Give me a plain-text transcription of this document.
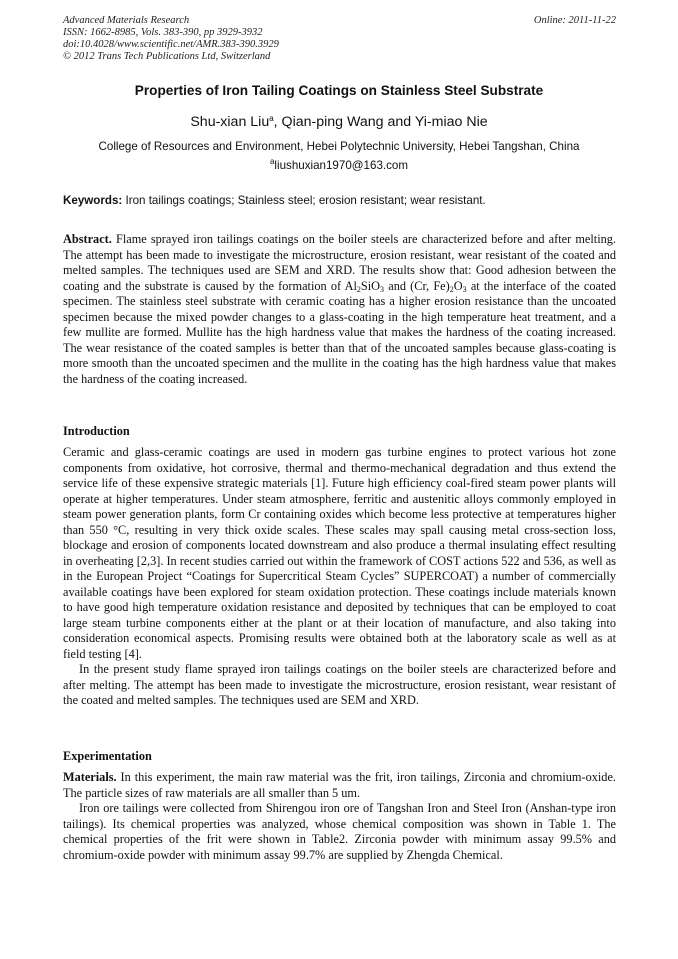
Advanced Materials Research
ISSN: 1662-8985, Vols. 383-390, pp 3929-3932
doi:10.4028/www.scientific.net/AMR.383-390.3929
© 2012 Trans Tech Publications Ltd, Switzerland
Online: 2011-11-22
Properties of Iron Tailing Coatings on Stainless Steel Substrate
Shu-xian Liu$^a$, Qian-ping Wang and Yi-miao Nie
College of Resources and Environment, Hebei Polytechnic University, Hebei Tangshan, China
$^a$liushuxian1970@163.com
Keywords: Iron tailings coatings; Stainless steel; erosion resistant; wear resistant.
Abstract. Flame sprayed iron tailings coatings on the boiler steels are characterized before and after melting. The attempt has been made to investigate the microstructure, erosion resistant, wear resistant of the coated and melted samples. The techniques used are SEM and XRD. The results show that: Good adhesion between the coating and the substrate is caused by the formation of $Al_2SiO_3$ and (Cr, $Fe)_2O_3$ at the interface of the coated specimen. The stainless steel substrate with ceramic coating has a higher erosion resistance than the uncoated specimen because the mixed powder changes to a glass-coating in the high temperature heat treatment, and a few mullite are formed. Mullite has the high hardness value that makes the hardness of the coating increased. The wear resistance of the coated samples is better than that of the uncoated samples because glass-coating is more smooth than the uncoated specimen and the mullite in the coating has the high hardness value that makes the hardness of the coating increased.
Introduction

Ceramic and glass-ceramic coatings are used in modern gas turbine engines to protect various hot zone components from oxidative, hot corrosive, thermal and thermo-mechanical degradation and thus extend the service life of these expensive strategic materials [1]. Future high efficiency coal-fired steam power plants will operate at higher temperatures. Under steam atmosphere, ferritic and austenitic alloys commonly employed in steam power generation plants, form Cr containing oxides which become less protective at temperatures higher than 550 °C, resulting in very thick oxide scales. These scales may spall causing metal cross-section loss, blockage and erosion of components located downstream and also produce a thermal insulating effect resulting in overheating [2,3]. In recent studies carried out within the framework of COST actions 522 and 536, as well as in the European Project “Coatings for Supercritical Steam Cycles” SUPERCOAT) a number of commercially available coatings have been explored for steam oxidation protection. These coatings include materials known to have good high temperature oxidation resistance and deposited by techniques that can be employed to coat large steam turbine components either at the plant or at their location of manufacture, and also taking into consideration economical aspects. Promising results were obtained both at the laboratory scale as well as at field testing [4].

In the present study flame sprayed iron tailings coatings on the boiler steels are characterized before and after melting. The attempt has been made to investigate the microstructure, erosion resistant, wear resistant of the coated and melted samples. The techniques used are SEM and XRD.

Experimentation

Materials. In this experiment, the main raw material was the frit, iron tailings, Zirconia and chromium-oxide. The particle sizes of raw materials are all smaller than 5 um.

Iron ore tailings were collected from Shirengou iron ore of Tangshan Iron and Steel Iron (Anshan-type iron tailings). Its chemical properties was analyzed, whose chemical composition was shown in Table 1. The chemical properties of the frit were shown in Table2. Zirconia powder with minimum assay 99.5% and chromium-oxide powder with minimum assay 99.7% are supplied by Zhengda Chemical.
